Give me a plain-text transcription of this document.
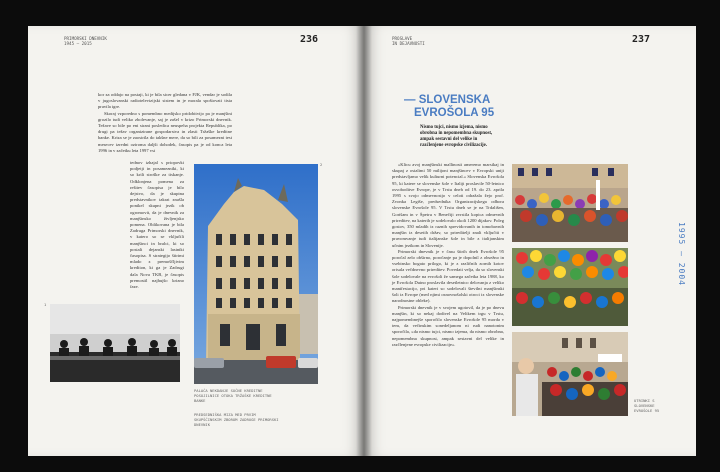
PRIMORSKI DNEVNIK
1945 – 2015	236

kor za oddajo na postaji, ki je bila sicer gledana v FJK, vendar je sodila v jugoslovanski radiotelevizijski sistem in je morala spoštovati tista pravila igre.

Skoraj vzporedno s pomembno medijsko pridobitvijo pa je manjšini grozilo tudi veliko zbolevanje, saj je zašel v krizo Primorski dnevnik. Težave so bile po eni strani posledica neuspeha projekta Republika, po drugi pa težav organizirane gospodarstva in zlasti Tržaške kreditne banke. Kriza se je zaostrila do takšne mere, da so bili za posamezni test mesecev izredni oziroma daljši dohodek, časopis pa je od konca leta 1996 in v začetku leta 1997 vsi

tednov izhajal s priopovki podjetji in posamezniki, ki so krili stroške za tiskanje. Odklonjena pomena za rešitev časopisa je bilo dejstvo, da je skupina predstavnikov takrat znašla ponikel skupni jezik ob ogromovit, da je dnevnik za manjšinsko življenjsko pomena. Oblikovana je bila Zadruga Primorski dnevnik, v katero so se vključili manjšinci in bralci, ki so postali dejanski lastniki časopisa. S strategijo štirimi mlado z premoščljivim krediton, ki ga je Zadrugi dala Nova TKB, je časopis premostil najhujšo krizno faze.
2
1
PALAČA NEKDANJE SOČNE KREDITNE POSOJILNICE OTOKA TRŽAŠKE KREDITNE BANKE
PREDSEDNIŠKA MIZA MED PRVIM SKUPŠČINSKIM ZBOROM ZADRUGE PRIMORSKI DNEVNIK
PROSLAVE
IN DEJAVNOSTI	237
— SLOVENSKA
EVROŠOLA 95
Nismo tujci, nismo izjema, nismo obrobna in nepomembna skupnost, ampak sestavni del velike in razčlenjene evropske civilizacije.

»Klicu avoj manjšinski mallinosti ameremo marsikaj in skupaj z ostalimi 50 milijoni manjšincev v Evropski uniji predstavljamo velik kulturni potencial.« Slovenska Evrošola 95, ki katere se slovenske šole v Italiji proslavile 50-letnico osvoboditve Evrope, je v Trstu dneh od 19. do 23. aprila 1995 s svojo odmevnostjo v celoti odražala žejo prof. Zvonka Legiše, predsednika Organizacijskega odbora slovenske Evrošole 95. V Trstu dneh se je na Trdališen, Gorišam in v Špetru v Benečiji zvrstila kopica odmevnih prireditev, na katerih je sodelovalo okoli 1200 dijakov. Poleg gostov, 350 mladih iz raznih sprevidovanih in tomobavnih manjšin iz desetih držav, so prireditelji znali vključiti v pravomvanje tudi italijanske šole in bile z italijanskim učnim jezikom in Slovenije.

Primorski dnevnik je v času štirih dneh Evrošole 95 poročal zelo obširno, poročanje pa je dopolnil z obsežno in vsebinsko bogato prilogo, ki je z različnih zornih kotov orisala večdnevno prireditev. Povedati velja, da so slovenski šole sodelovale na evrošoli že samega začetka leta 1988, ko je Evrošola Duino proslavila desetletnico delovanja z veliko manifestacijo, pri kateri so sodelovali številni manjšinski šoli iz Evrope (med njimi osnovnošolski otroci iz slovenske narodnostne obleke).

Primorski dnevnik je v svojem ugotovil, da je po dnevu manjšin, ki so nekaj dodivel na Velikem trgu v Trstu, najpomembnejše sporočilo slovenske Evrošole 95 morda v tem, da večinskim sonedeljanom ni rudi nanotonim sporočila, »da nismo tujci, nismo izjema, da nismo obrobna, nepomembna skupnost, ampak sestavni del velike in razčlenjene evropske civilizacije«.

1995 — 2004
UTRINKI S SLOVENSKE EVROŠOLE 95
